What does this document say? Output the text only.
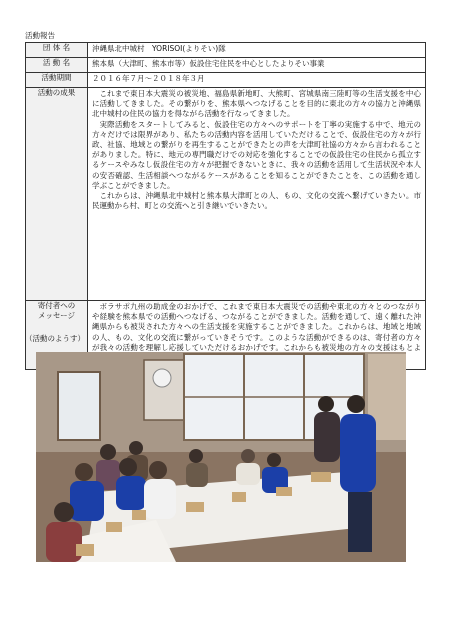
活動報告
団 体 名	沖縄県北中城村　YORISOI(よりそい)隊
活 動 名	熊本県（大津町、熊本市等）仮設住宅住民を中心としたよりそい事業
活動期間	２０１６年７月～２０１８年３月
活動の成果	これまで東日本大震災の被災地、福島県新地町、大熊町、宮城県南三陸町等の生活支援を中心に活動してきました。その繋がりを、熊本県へつなげることを目的に東北の方々の協力と沖縄県北中城村の住民の協力を得ながら活動を行なってきました。

実際活動をスタートしてみると、仮設住宅の方々へのサポートを丁寧の実施する中で、地元の方々だけでは限界があり、私たちの活動内容を活用していただけることで、仮設住宅の方々が行政、社協、地域との繋がりを再生することができたとの声を大津町社協の方々から言われることがありました。特に、地元の専門職だけでの対応を強化することでの仮設住宅の住民から孤立するケースやみなし仮設住宅の方々が把握できないときに、我々の活動を活用して生活状況や本人の安否確認、生活相談へつながるケースがあることを知ることができたことを、この活動を通し学ぶことができました。

これからは、沖縄県北中城村と熊本県大津町との人、もの、文化の交流へ繋げていきたい。市民運動から村、町との交流へと引き継いでいきたい。

寄付者への
メッセージ	ボラサポ九州の助成金のおかげで、これまで東日本大震災での活動や東北の方々とのつながりや経験を熊本県での活動へつなげる、つながることができました。活動を通して、遠く離れた沖縄県からも被災された方々への生活支援を実施することができました。これからは、地域と地域の人、もの、文化の交流に繋がっていきそうです。このような活動ができるのは、寄付者の方々が我々の活動を理解し応援していただけるおかげです。これからも被災地の方々の支援はもとよ

（活動のようす）
